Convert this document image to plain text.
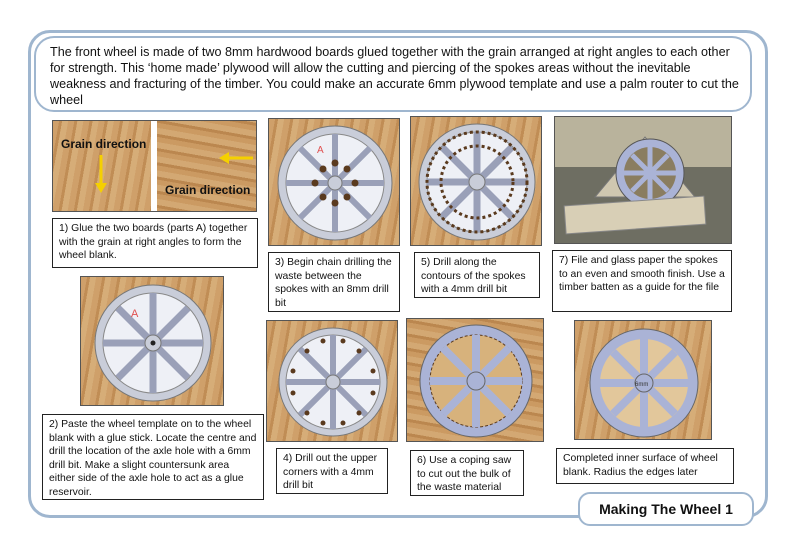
The front wheel is made of two 8mm hardwood boards glued together with the grain arranged at right angles to each other for strength. This ‘home made’ plywood will allow the cutting and piercing of the spokes areas without the inevitable weakness and fracturing of the timber. You could make an accurate 6mm plywood template and use a palm router to cut the wheel
Grain direction
Grain direction
1) Glue the two boards (parts A) together with the grain at right angles to form the wheel blank.
A
2) Paste the wheel template on to the wheel blank with a glue stick. Locate the centre and drill the location of the axle hole with a 6mm drill bit. Make a slight countersunk area either side of the axle hole to act as a glue reservoir.
A
3) Begin chain drilling the waste between the spokes with an 8mm drill bit
4) Drill out the upper corners with a 4mm drill bit
5) Drill along the contours of the spokes with a 4mm drill bit
6) Use a coping saw to cut out the bulk of the waste material
7) File and glass paper the spokes to an even and smooth finish. Use a timber batten as a guide for the file
6mm
Completed inner surface of wheel blank. Radius the edges later
Making The Wheel 1
